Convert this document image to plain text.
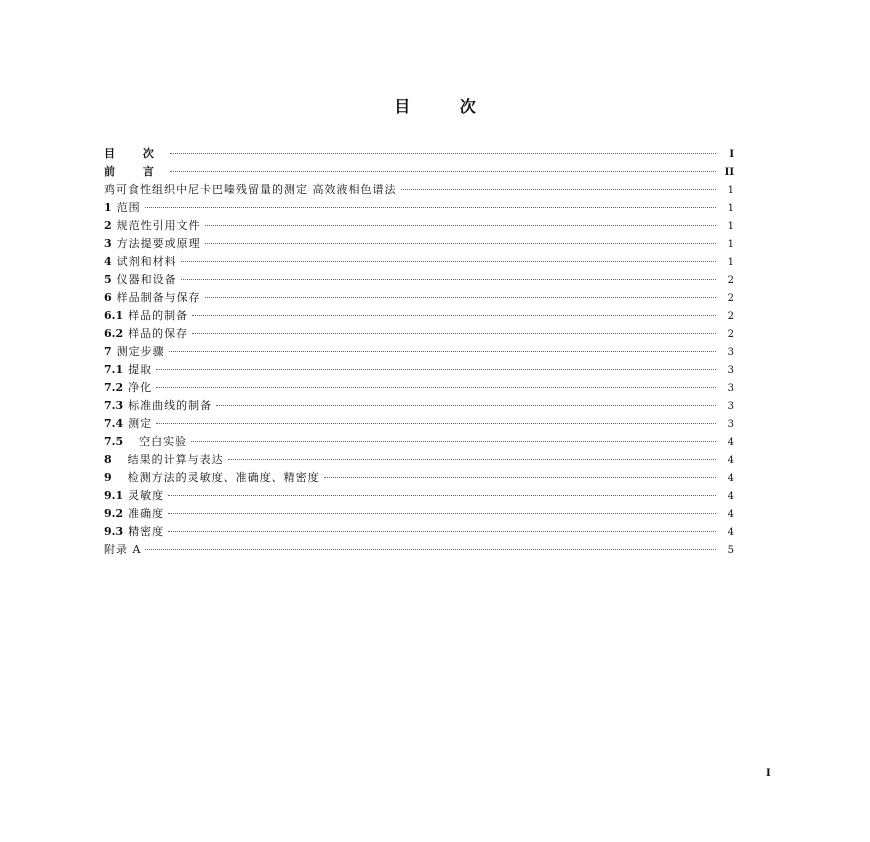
目 次
目 次	I
前 言	II
鸡可食性组织中尼卡巴嗪残留量的测定 高效液相色谱法	1
1 范围	1
2 规范性引用文件	1
3 方法提要或原理	1
4 试剂和材料	1
5 仪器和设备	2
6 样品制备与保存	2
6.1 样品的制备	2
6.2 样品的保存	2
7 测定步骤	3
7.1 提取	3
7.2 净化	3
7.3 标准曲线的制备	3
7.4 测定	3
7.5	空白实验	4
8	结果的计算与表达	4
9	检测方法的灵敏度、准确度、精密度	4
9.1 灵敏度	4
9.2 准确度	4
9.3 精密度	4
附录 A	5
I
